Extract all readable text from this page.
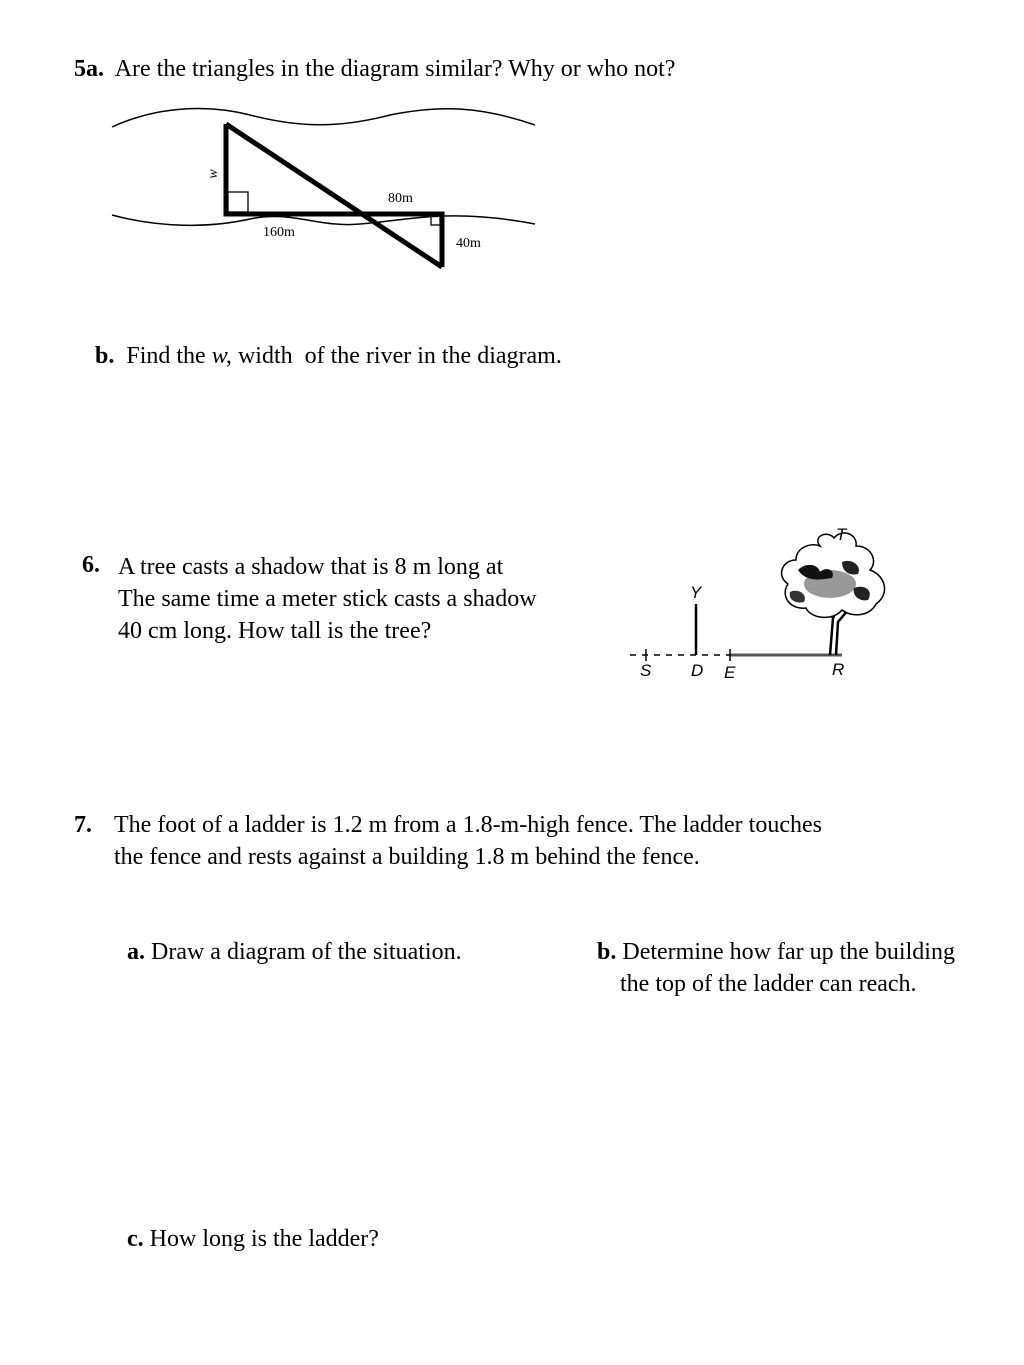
5a. Are the triangles in the diagram similar? Why or who not?
w
80m
160m
40m
b. Find the w, width  of the river in the diagram.
6. A tree casts a shadow that is 8 m long at
The same time a meter stick casts a shadow
40 cm long. How tall is the tree?
T
Y
S D E	R
7. The foot of a ladder is 1.2 m from a 1.8-m-high fence. The ladder touches
the fence and rests against a building 1.8 m behind the fence.
a. Draw a diagram of the situation.	b. Determine how far up the building
the top of the ladder can reach.
c. How long is the ladder?
